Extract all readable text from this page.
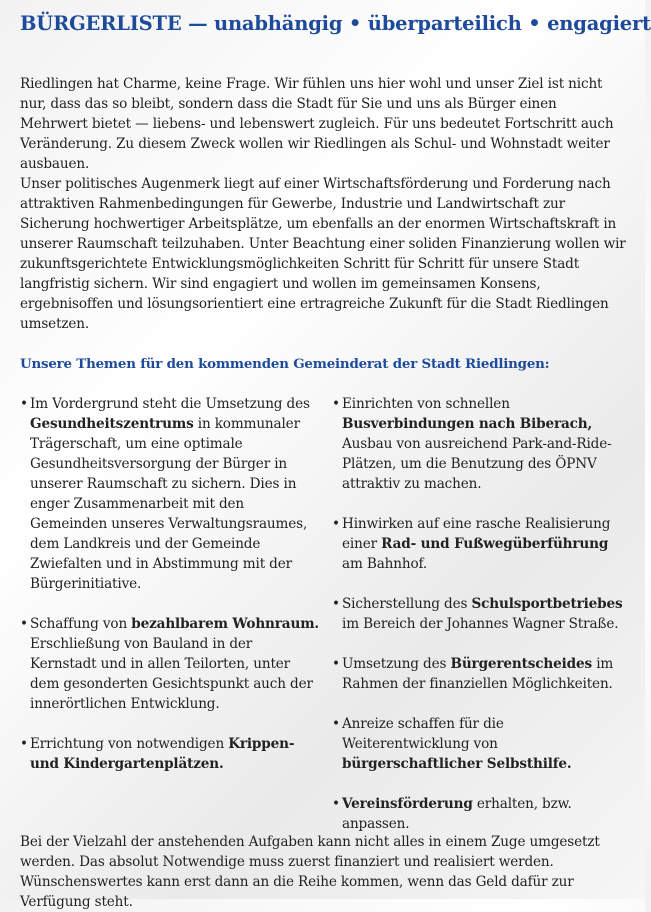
BÜRGERLISTE — unabhängig • überparteilich • engagiert

Riedlingen hat Charme, keine Frage. Wir fühlen uns hier wohl und unser Ziel ist nicht nur, dass das so bleibt, sondern dass die Stadt für Sie und uns als Bürger einen Mehrwert bietet — liebens- und lebenswert zugleich. Für uns bedeutet Fortschritt auch Veränderung. Zu diesem Zweck wollen wir Riedlingen als Schul- und Wohnstadt weiter ausbauen.

Unser politisches Augenmerk liegt auf einer Wirtschaftsförderung und Forderung nach attraktiven Rahmenbedingungen für Gewerbe, Industrie und Landwirtschaft zur Sicherung hochwertiger Arbeitsplätze, um ebenfalls an der enormen Wirtschaftskraft in unserer Raumschaft teilzuhaben. Unter Beachtung einer soliden Finanzierung wollen wir zukunftsgerichtete Entwicklungsmöglichkeiten Schritt für Schritt für unsere Stadt langfristig sichern. Wir sind engagiert und wollen im gemeinsamen Konsens, ergebnisoffen und lösungsorientiert eine ertragreiche Zukunft für die Stadt Riedlingen umsetzen.

Unsere Themen für den kommenden Gemeinderat der Stadt Riedlingen:
• Im Vordergrund steht die Umsetzung des Gesundheitszentrums in kommunaler Trägerschaft, um eine optimale Gesundheitsversorgung der Bürger in unserer Raumschaft zu sichern. Dies in enger Zusammenarbeit mit den Gemeinden unseres Verwaltungsraumes, dem Landkreis und der Gemeinde Zwiefalten und in Abstimmung mit der Bürgerinitiative.
• Schaffung von bezahlbarem Wohnraum. Erschließung von Bauland in der Kernstadt und in allen Teilorten, unter dem gesonderten Gesichtspunkt auch der innerörtlichen Entwicklung.
• Errichtung von notwendigen Krippen- und Kindergartenplätzen.
• Einrichten von schnellen Busverbindungen nach Biberach, Ausbau von ausreichend Park-and-Ride-Plätzen, um die Benutzung des ÖPNV attraktiv zu machen.
• Hinwirken auf eine rasche Realisierung einer Rad- und Fußwegüberführung am Bahnhof.
• Sicherstellung des Schulsportbetriebes im Bereich der Johannes Wagner Straße.
• Umsetzung des Bürgerentscheides im Rahmen der finanziellen Möglichkeiten.
• Anreize schaffen für die Weiterentwicklung von bürgerschaftlicher Selbsthilfe.
• Vereinsförderung erhalten, bzw. anpassen.

Bei der Vielzahl der anstehenden Aufgaben kann nicht alles in einem Zuge umgesetzt werden. Das absolut Notwendige muss zuerst finanziert und realisiert werden. Wünschenswertes kann erst dann an die Reihe kommen, wenn das Geld dafür zur Verfügung steht.
